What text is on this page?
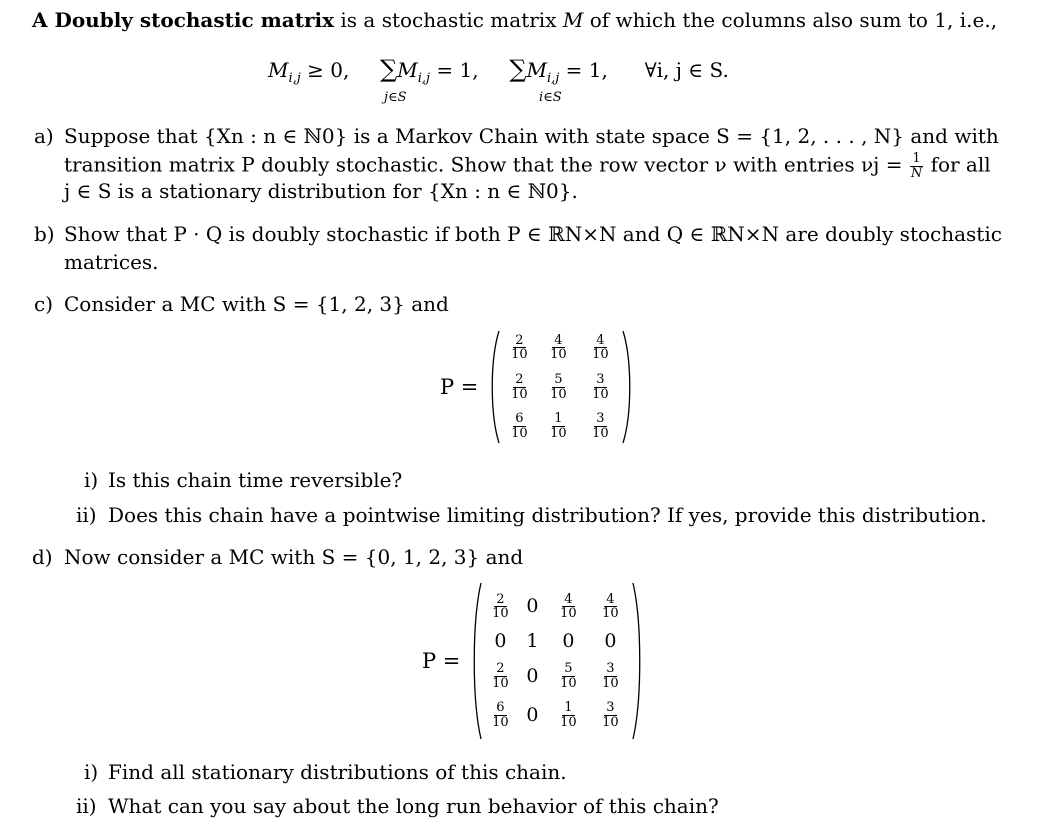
A Doubly stochastic matrix is a stochastic matrix M of which the columns also sum to 1, i.e.,
$M_{i,j} \ge 0$,  $\sum M_{i,j} = 1$,  $\sum M_{i,j} = 1$,  ∀i, j ∈ S.
j∈S	i∈S
a) Suppose that {Xn : n ∈ ℕ0} is a Markov Chain with state space S = {1, 2, . . . , N} and with
transition matrix P doubly stochastic. Show that the row vector ν with entries $\nu j = \frac{1}{N}$ for all
j ∈ S is a stationary distribution for {Xn : n ∈ ℕ0}.
b) Show that P · Q is doubly stochastic if both P ∈ ℝN×N and Q ∈ ℝN×N are doubly stochastic
matrices.
c) Consider a MC with S = {1, 2, 3} and
P =
$\frac{2}{10} \frac{4}{10} \frac{4}{10}$
$\frac{2}{10} \frac{5}{10} \frac{3}{10}$
$\frac{6}{10} \frac{1}{10} \frac{3}{10}$
i) Is this chain time reversible?
ii) Does this chain have a pointwise limiting distribution? If yes, provide this distribution.
d) Now consider a MC with S = {0, 1, 2, 3} and
P =
$\frac{2}{10} 0 \frac{4}{10} \frac{4}{10}$
0 1 0 0
$\frac{2}{10} 0 \frac{5}{10} \frac{3}{10}$
$\frac{6}{10} 0 \frac{1}{10} \frac{3}{10}$
i) Find all stationary distributions of this chain.
ii) What can you say about the long run behavior of this chain?
